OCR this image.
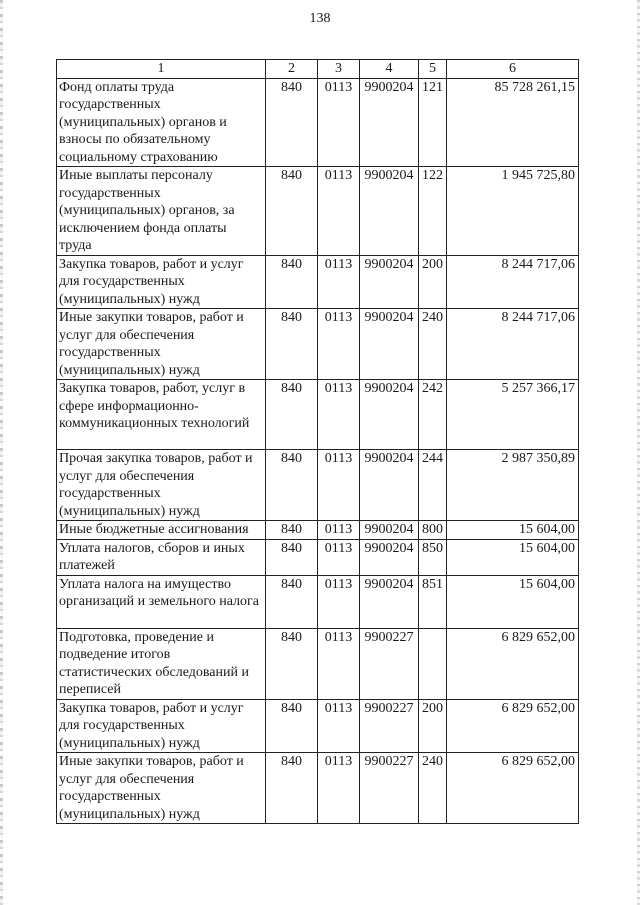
138
1	2	3	4	5	6
Фонд оплаты труда государственных (муниципальных) органов и взносы по обязательному социальному страхованию	840	0113	9900204	121	85 728 261,15
Иные выплаты персоналу государственных (муниципальных) органов, за исключением фонда оплаты труда	840	0113	9900204	122	1 945 725,80
Закупка товаров, работ и услуг для государственных (муниципальных) нужд	840	0113	9900204	200	8 244 717,06
Иные закупки товаров, работ и услуг для обеспечения государственных (муниципальных) нужд	840	0113	9900204	240	8 244 717,06
Закупка товаров, работ, услуг в сфере информационно-коммуникационных технологий	840	0113	9900204	242	5 257 366,17
Прочая закупка товаров, работ и услуг для обеспечения государственных (муниципальных) нужд	840	0113	9900204	244	2 987 350,89
Иные бюджетные ассигнования	840	0113	9900204	800	15 604,00
Уплата налогов, сборов и иных платежей	840	0113	9900204	850	15 604,00
Уплата налога на имущество организаций и земельного налога	840	0113	9900204	851	15 604,00
Подготовка, проведение и подведение итогов статистических обследований и переписей	840	0113	9900227		6 829 652,00
Закупка товаров, работ и услуг для государственных (муниципальных) нужд	840	0113	9900227	200	6 829 652,00
Иные закупки товаров, работ и услуг для обеспечения государственных (муниципальных) нужд	840	0113	9900227	240	6 829 652,00
